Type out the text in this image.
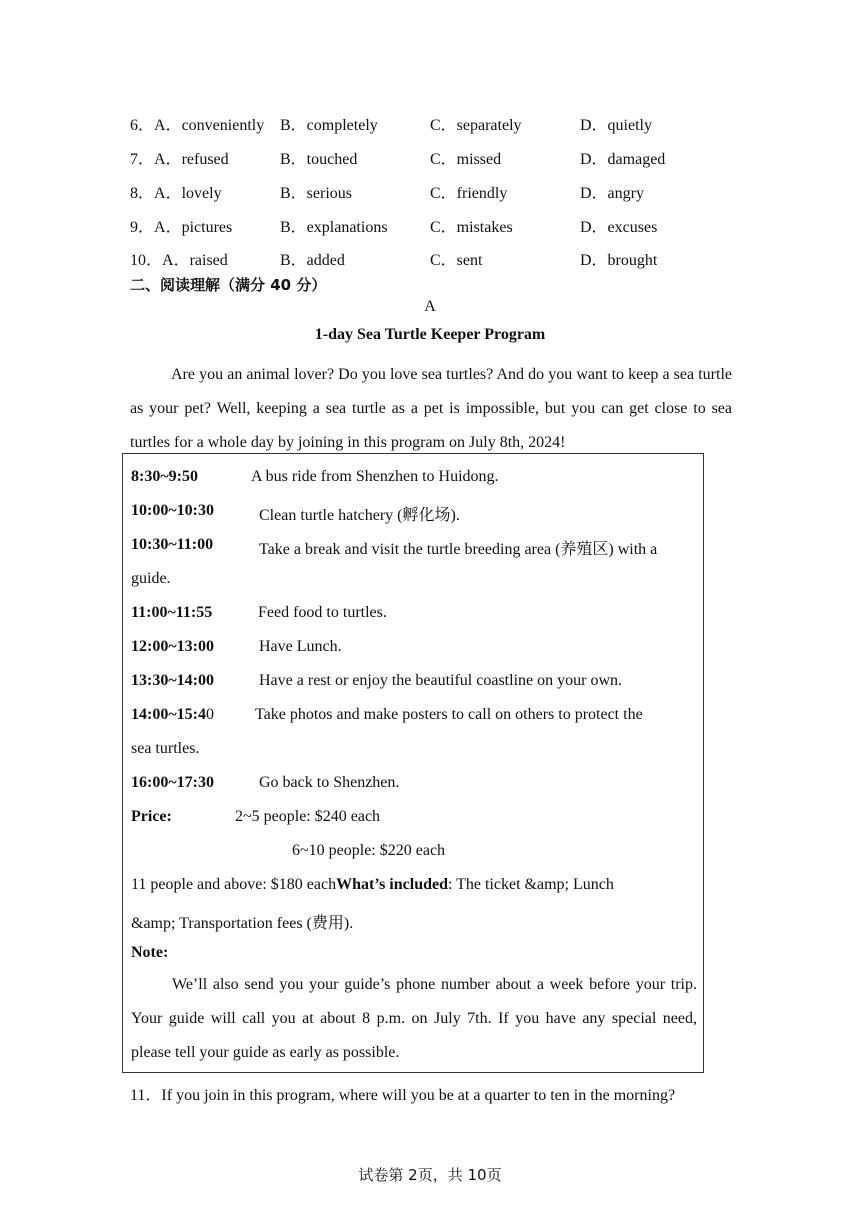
6．A．conveniently B．completely	C．separately	D．quietly
7．A．refused	B．touched	C．missed	D．damaged
8．A．lovely	B．serious	C．friendly	D．angry
9．A．pictures	B．explanations	C．mistakes	D．excuses
10．A．raised	B．added	C．sent	D．brought
二、阅读理解（满分 40 分）
A
1-day Sea Turtle Keeper Program
Are you an animal lover? Do you love sea turtles? And do you want to keep a sea turtle as your pet? Well, keeping a sea turtle as a pet is impossible, but you can get close to sea turtles for a whole day by joining in this program on July 8th, 2024!
8:30~9:50	A bus ride from Shenzhen to Huidong.
10:00~10:30	Clean turtle hatchery (孵化场).
10:30~11:00	Take a break and visit the turtle breeding area (养殖区) with a
guide.
11:00~11:55	Feed food to turtles.
12:00~13:00	Have Lunch.
13:30~14:00	Have a rest or enjoy the beautiful coastline on your own.
14:00~15:40	Take photos and make posters to call on others to protect the
sea turtles.
16:00~17:30	Go back to Shenzhen.
Price:	2~5 people: $240 each
6~10 people: $220 each
11 people and above: $180 eachWhat’s included: The ticket &amp; Lunch
&amp; Transportation fees (费用).
Note:
We’ll also send you your guide’s phone number about a week before your trip. Your guide will call you at about 8 p.m. on July 7th. If you have any special need, please tell your guide as early as possible.
11．If you join in this program, where will you be at a quarter to ten in the morning?
试卷第 2页，共 10页
